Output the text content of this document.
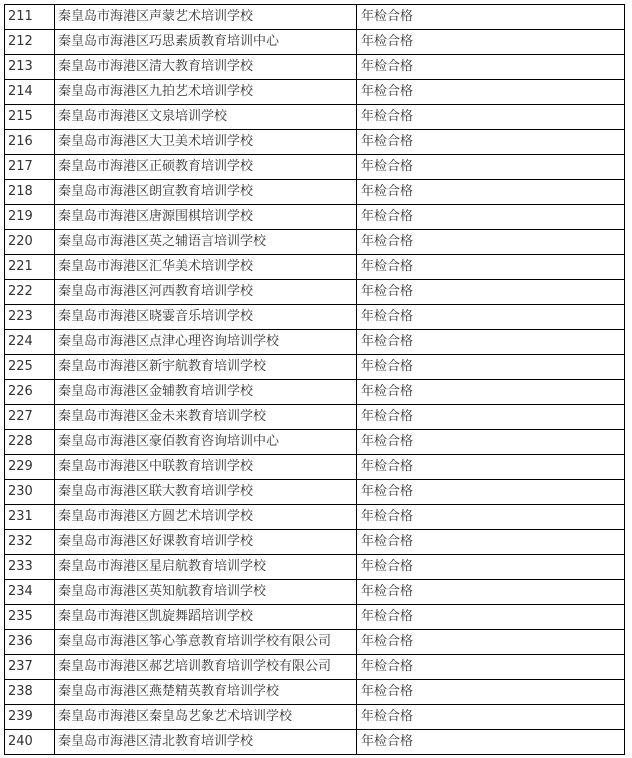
211	秦皇岛市海港区声蒙艺术培训学校	年检合格
212	秦皇岛市海港区巧思素质教育培训中心	年检合格
213	秦皇岛市海港区清大教育培训学校	年检合格
214	秦皇岛市海港区九拍艺术培训学校	年检合格
215	秦皇岛市海港区文泉培训学校	年检合格
216	秦皇岛市海港区大卫美术培训学校	年检合格
217	秦皇岛市海港区正硕教育培训学校	年检合格
218	秦皇岛市海港区朗宣教育培训学校	年检合格
219	秦皇岛市海港区唐源围棋培训学校	年检合格
220	秦皇岛市海港区英之辅语言培训学校	年检合格
221	秦皇岛市海港区汇华美术培训学校	年检合格
222	秦皇岛市海港区河西教育培训学校	年检合格
223	秦皇岛市海港区晓霎音乐培训学校	年检合格
224	秦皇岛市海港区点津心理咨询培训学校	年检合格
225	秦皇岛市海港区新宇航教育培训学校	年检合格
226	秦皇岛市海港区金辅教育培训学校	年检合格
227	秦皇岛市海港区金未来教育培训学校	年检合格
228	秦皇岛市海港区豪佰教育咨询培训中心	年检合格
229	秦皇岛市海港区中联教育培训学校	年检合格
230	秦皇岛市海港区联大教育培训学校	年检合格
231	秦皇岛市海港区方圆艺术培训学校	年检合格
232	秦皇岛市海港区好课教育培训学校	年检合格
233	秦皇岛市海港区星启航教育培训学校	年检合格
234	秦皇岛市海港区英知航教育培训学校	年检合格
235	秦皇岛市海港区凯旋舞蹈培训学校	年检合格
236	秦皇岛市海港区筝心筝意教育培训学校有限公司	年检合格
237	秦皇岛市海港区郝艺培训教育培训学校有限公司	年检合格
238	秦皇岛市海港区燕楚精英教育培训学校	年检合格
239	秦皇岛市海港区秦皇岛艺象艺术培训学校	年检合格
240	秦皇岛市海港区清北教育培训学校	年检合格
